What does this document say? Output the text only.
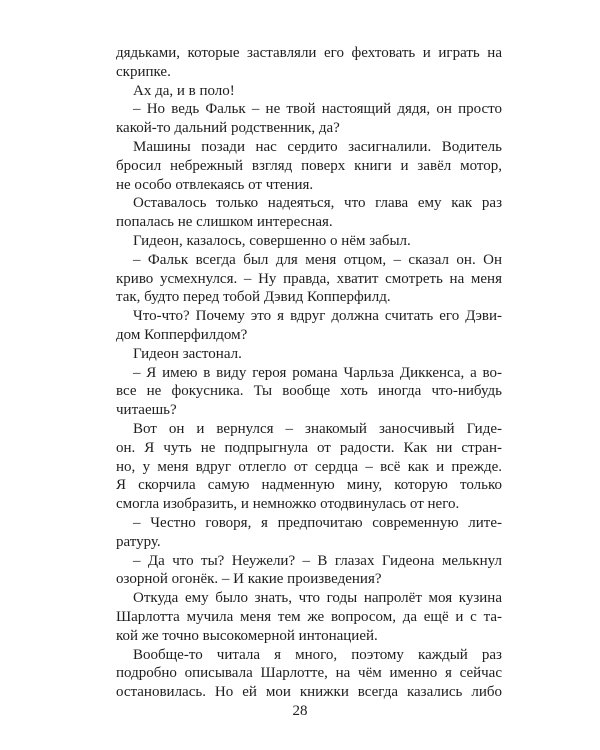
дядьками, которые заставляли его фехтовать и играть на
скрипке.
Ах да, и в поло!
– Но ведь Фальк – не твой настоящий дядя, он просто
какой-то дальний родственник, да?
Машины позади нас сердито засигналили. Водитель
бросил небрежный взгляд поверх книги и завёл мотор,
не особо отвлекаясь от чтения.
Оставалось только надеяться, что глава ему как раз
попалась не слишком интересная.
Гидеон, казалось, совершенно о нём забыл.
– Фальк всегда был для меня отцом, – сказал он. Он
криво усмехнулся. – Ну правда, хватит смотреть на меня
так, будто перед тобой Дэвид Копперфилд.
Что-что? Почему это я вдруг должна считать его Дэви-
дом Копперфилдом?
Гидеон застонал.
– Я имею в виду героя романа Чарльза Диккенса, а во-
все не фокусника. Ты вообще хоть иногда что-нибудь
читаешь?
Вот он и вернулся – знакомый заносчивый Гиде-
он. Я чуть не подпрыгнула от радости. Как ни стран-
но, у меня вдруг отлегло от сердца – всё как и прежде.
Я скорчила самую надменную мину, которую только
смогла изобразить, и немножко отодвинулась от него.
– Честно говоря, я предпочитаю современную лите-
ратуру.
– Да что ты? Неужели? – В глазах Гидеона мелькнул
озорной огонёк. – И какие произведения?
Откуда ему было знать, что годы напролёт моя кузина
Шарлотта мучила меня тем же вопросом, да ещё и с та-
кой же точно высокомерной интонацией.
Вообще-то читала я много, поэтому каждый раз
подробно описывала Шарлотте, на чём именно я сейчас
остановилась. Но ей мои книжки всегда казались либо
28
